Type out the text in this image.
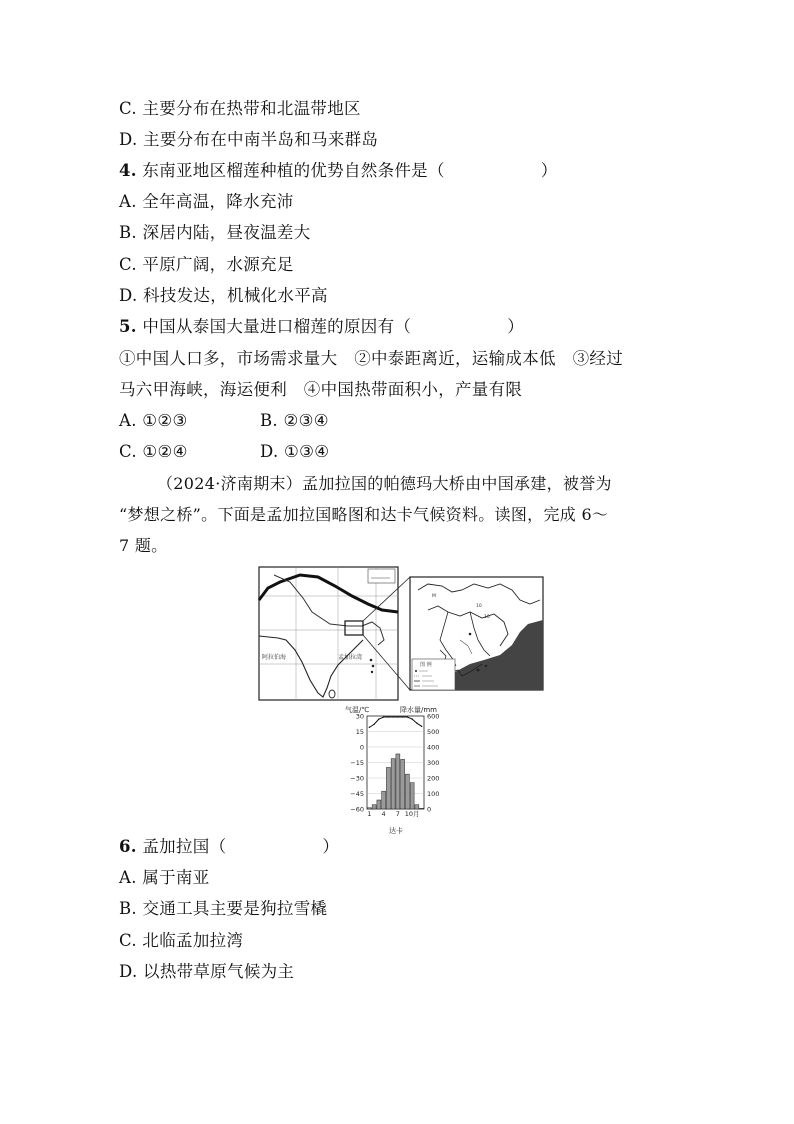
C. 主要分布在热带和北温带地区
D. 主要分布在中南半岛和马来群岛
4. 东南亚地区榴莲种植的优势自然条件是（	）
A. 全年高温，降水充沛
B. 深居内陆，昼夜温差大
C. 平原广阔，水源充足
D. 科技发达，机械化水平高
5. 中国从泰国大量进口榴莲的原因有（	）
①中国人口多，市场需求量大　②中泰距离近，运输成本低　③经过
马六甲海峡，海运便利　④中国热带面积小，产量有限
A. ①②③	B. ②③④
C. ①②④	D. ①③④
（2024·济南期末）孟加拉国的帕德玛大桥由中国承建，被誉为
“梦想之桥”。下面是孟加拉国略图和达卡气候资料。读图，完成 6～
7 题。
阿拉伯海	孟加拉湾
M
10
10
图 例
气温/℃	降水量/mm
30
15
0
−15
−30
−45
−60
600
500
400
300
200
100
0
1 4 7 10月
达卡
6. 孟加拉国（	）
A. 属于南亚
B. 交通工具主要是狗拉雪橇
C. 北临孟加拉湾
D. 以热带草原气候为主
